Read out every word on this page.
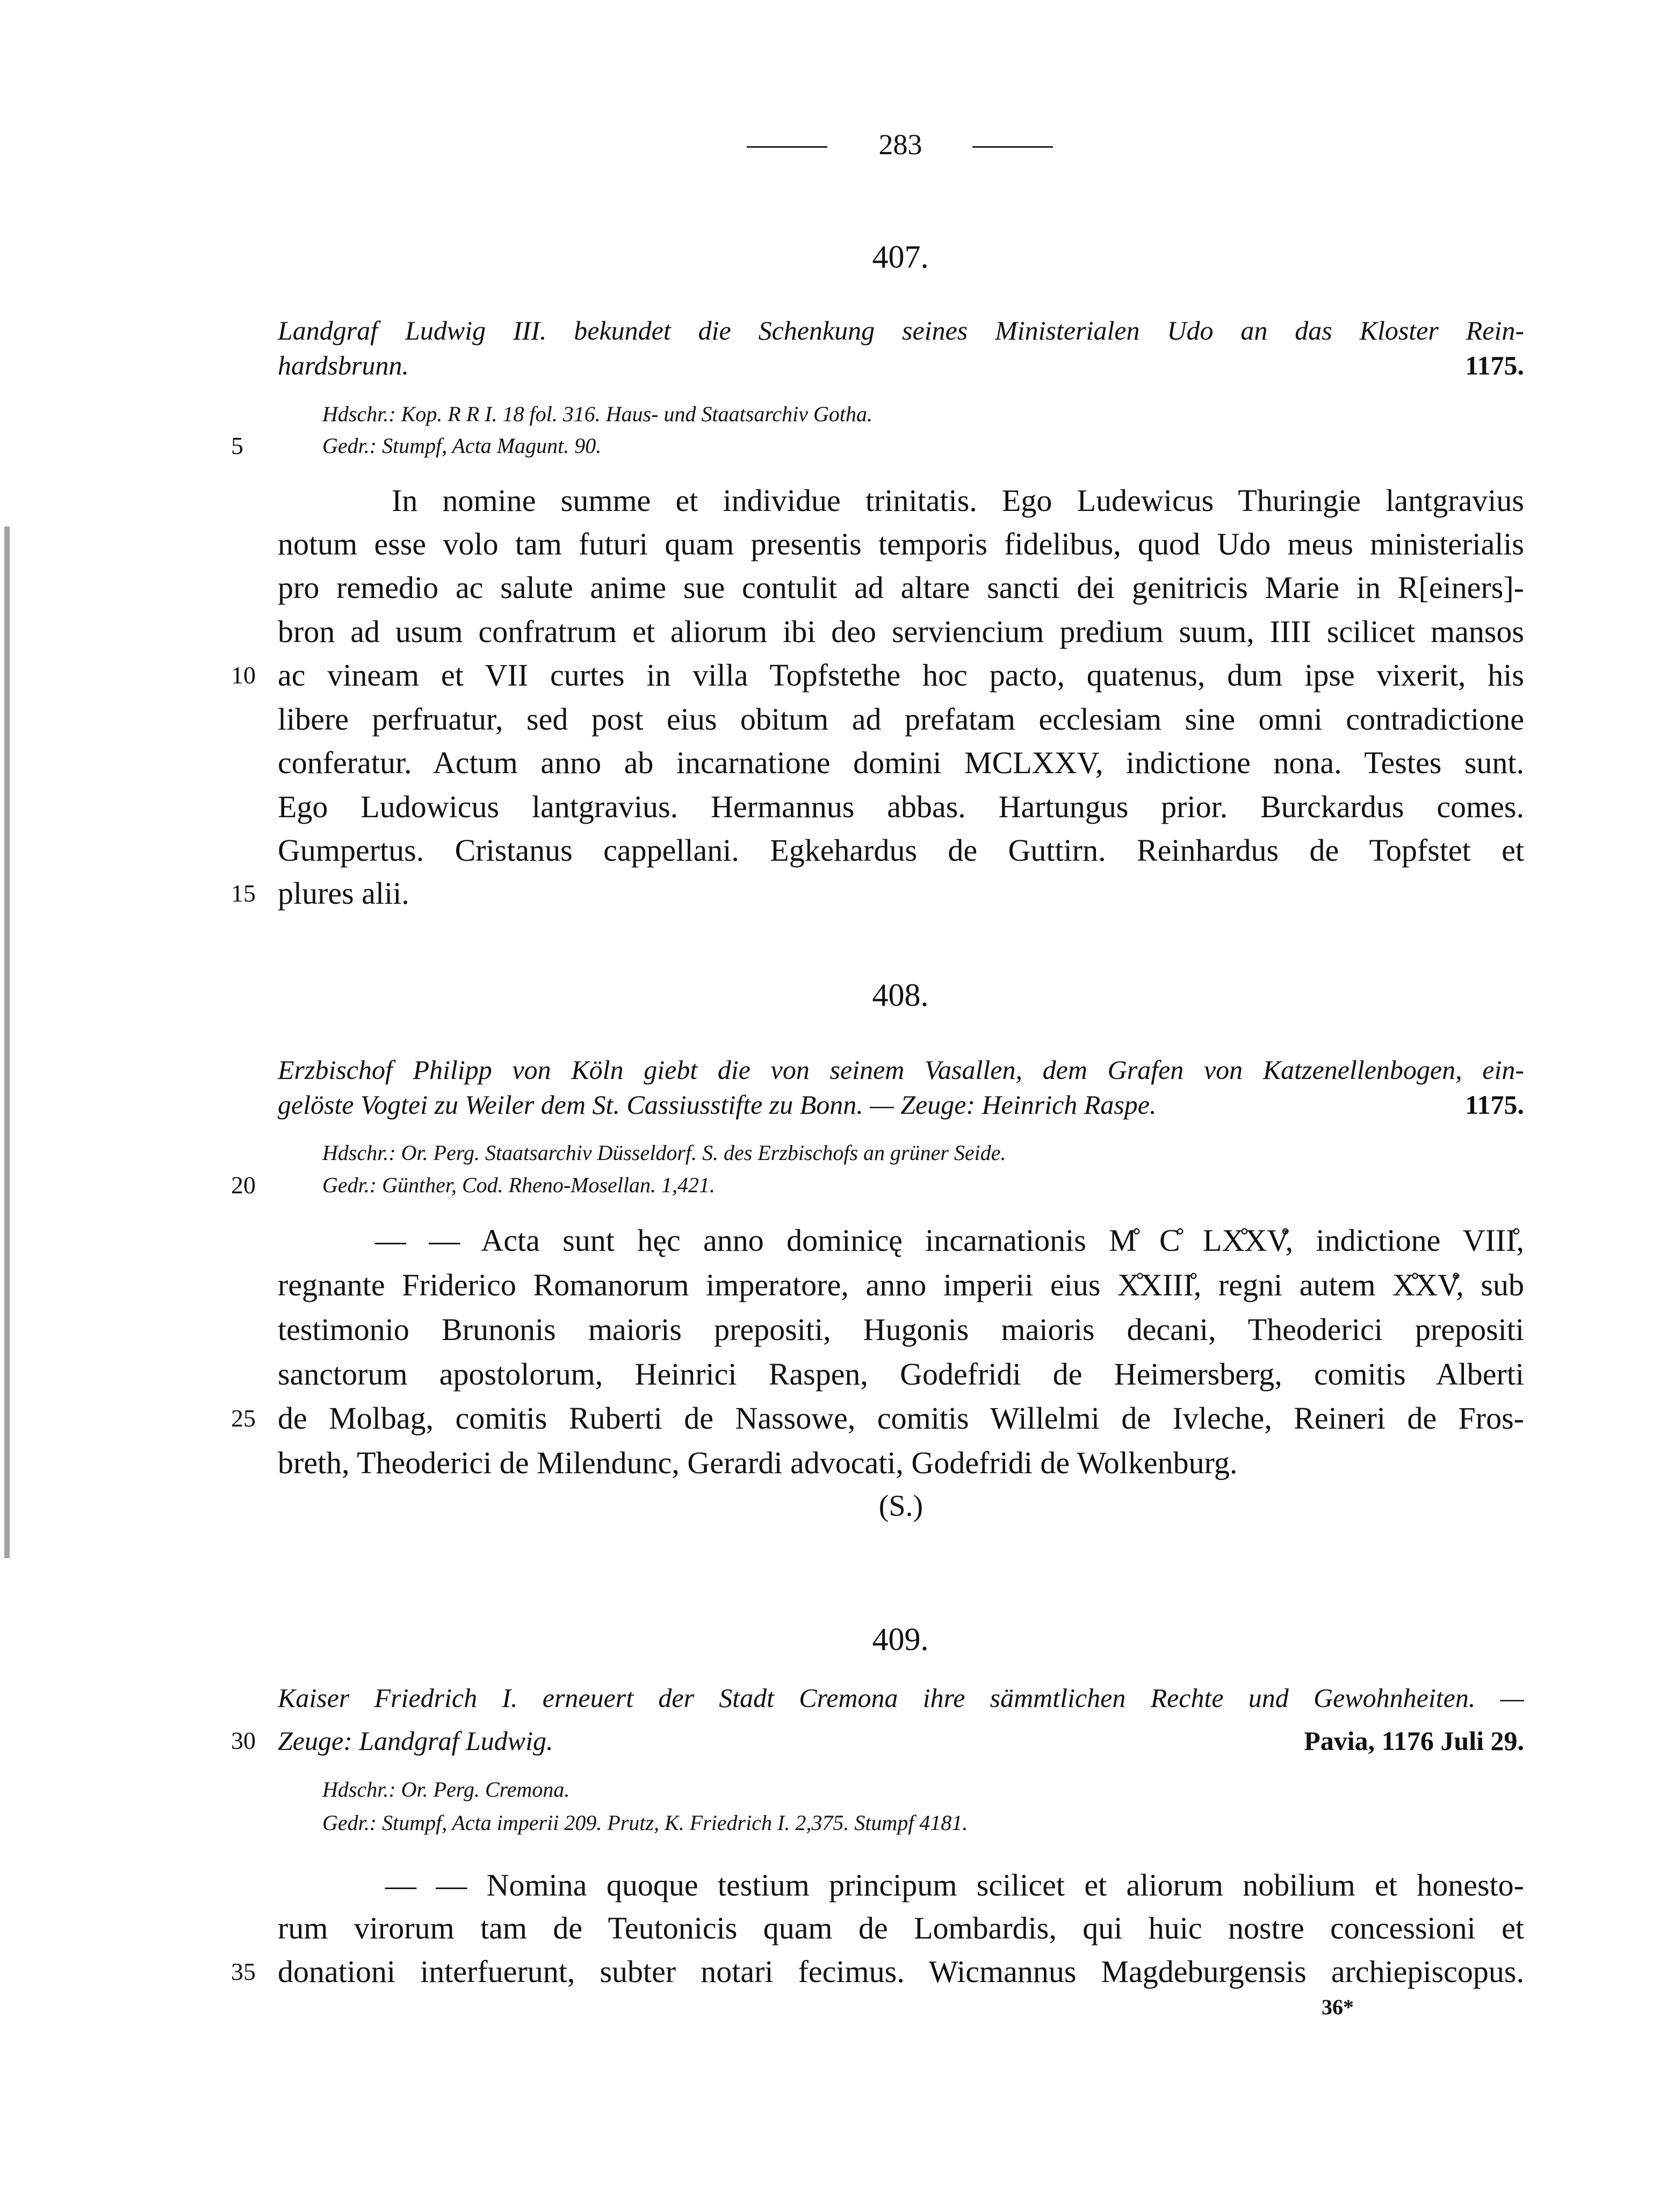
283
36*
407.
Landgraf Ludwig III. bekundet die Schenkung seines Ministerialen Udo an das Kloster Rein-
hardsbrunn.	1175.
Hdschr.: Kop. R R I. 18 fol. 316. Haus- und Staatsarchiv Gotha.
Gedr.: Stumpf, Acta Magunt. 90.
5
In nomine summe et individue trinitatis. Ego Ludewicus Thuringie lantgravius
notum esse volo tam futuri quam presentis temporis fidelibus, quod Udo meus ministerialis
pro remedio ac salute anime sue contulit ad altare sancti dei genitricis Marie in R[einers]-
bron ad usum confratrum et aliorum ibi deo serviencium predium suum, IIII scilicet mansos
ac vineam et VII curtes in villa Topfstethe hoc pacto, quatenus, dum ipse vixerit, his
10
libere perfruatur, sed post eius obitum ad prefatam ecclesiam sine omni contradictione
conferatur. Actum anno ab incarnatione domini MCLXXV, indictione nona. Testes sunt.
Ego Ludowicus lantgravius. Hermannus abbas. Hartungus prior. Burckardus comes.
Gumpertus. Cristanus cappellani. Egkehardus de Guttirn. Reinhardus de Topfstet et
plures alii.
15
408.
Erzbischof Philipp von Köln giebt die von seinem Vasallen, dem Grafen von Katzenellenbogen, ein-
gelöste Vogtei zu Weiler dem St. Cassiusstifte zu Bonn. — Zeuge: Heinrich Raspe.	1175.
Hdschr.: Or. Perg. Staatsarchiv Düsseldorf. S. des Erzbischofs an grüner Seide.
Gedr.: Günther, Cod. Rheno-Mosellan. 1,421.
20
— — Acta sunt hęc anno dominicę incarnationis M̊ C̊ LX̊XV̊, indictione VIII̊,
regnante Friderico Romanorum imperatore, anno imperii eius X̊XIII̊, regni autem X̊XV̊, sub
testimonio Brunonis maioris prepositi, Hugonis maioris decani, Theoderici prepositi
sanctorum apostolorum, Heinrici Raspen, Godefridi de Heimersberg, comitis Alberti
de Molbag, comitis Ruberti de Nassowe, comitis Willelmi de Ivleche, Reineri de Fros-
25
breth, Theoderici de Milendunc, Gerardi advocati, Godefridi de Wolkenburg.
(S.)
409.
Kaiser Friedrich I. erneuert der Stadt Cremona ihre sämmtlichen Rechte und Gewohnheiten. —
Zeuge: Landgraf Ludwig.	Pavia, 1176 Juli 29.
30
Hdschr.: Or. Perg. Cremona.
Gedr.: Stumpf, Acta imperii 209. Prutz, K. Friedrich I. 2,375. Stumpf 4181.
— — Nomina quoque testium principum scilicet et aliorum nobilium et honesto-
rum virorum tam de Teutonicis quam de Lombardis, qui huic nostre concessioni et
donationi interfuerunt, subter notari fecimus. Wicmannus Magdeburgensis archiepiscopus.
35
